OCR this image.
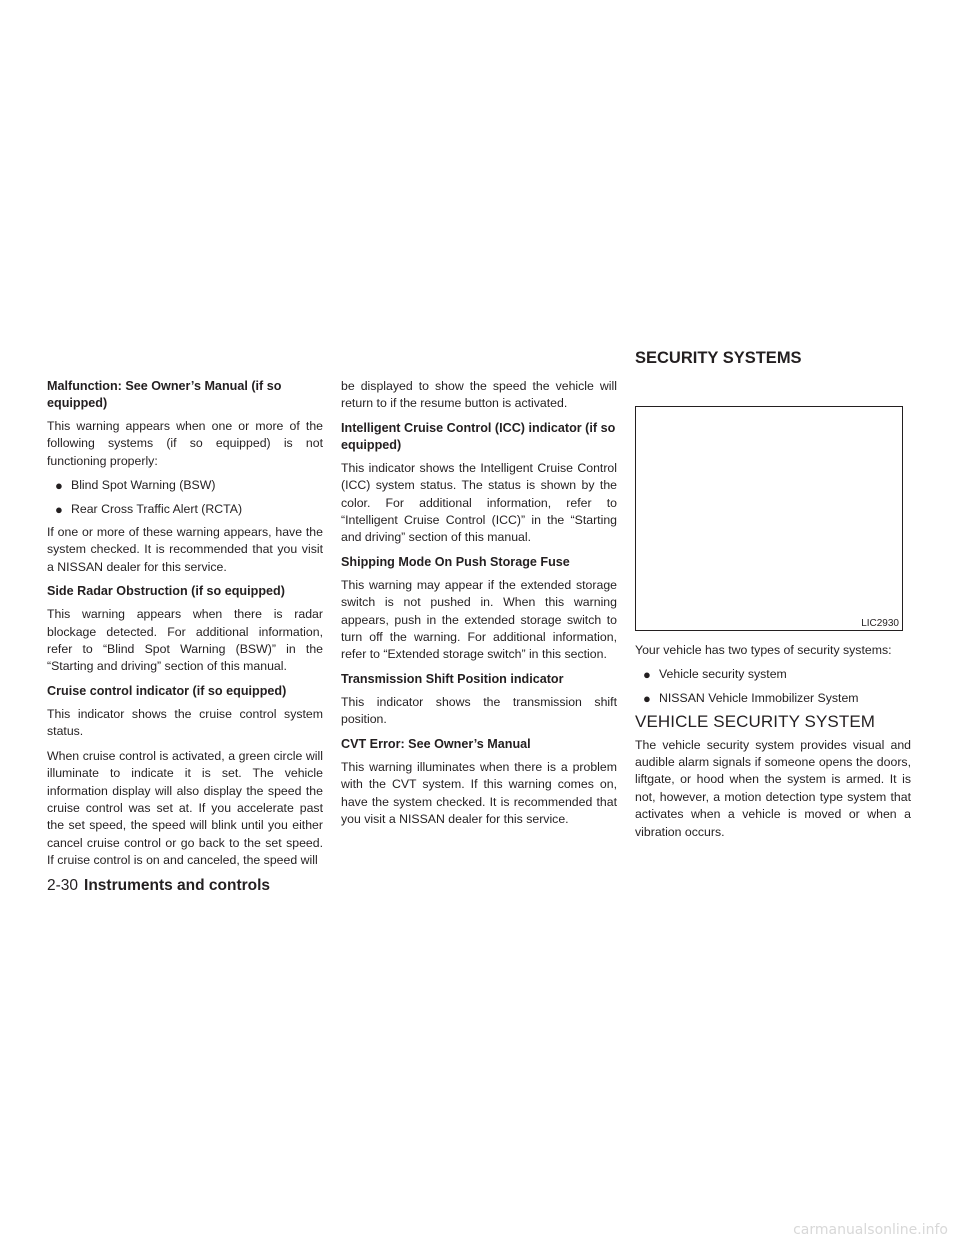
SECURITY SYSTEMS
Malfunction: See Owner’s Manual (if so equipped)

This warning appears when one or more of the following systems (if so equipped) is not functioning properly:

● Blind Spot Warning (BSW)
● Rear Cross Traffic Alert (RCTA)

If one or more of these warning appears, have the system checked. It is recommended that you visit a NISSAN dealer for this service.

Side Radar Obstruction (if so equipped)

This warning appears when there is radar blockage detected. For additional information, refer to “Blind Spot Warning (BSW)” in the “Starting and driving” section of this manual.

Cruise control indicator (if so equipped)

This indicator shows the cruise control system status.

When cruise control is activated, a green circle will illuminate to indicate it is set. The vehicle information display will also display the speed the cruise control was set at. If you accelerate past the set speed, the speed will blink until you either cancel cruise control or go back to the set speed. If cruise control is on and canceled, the speed will

be displayed to show the speed the vehicle will return to if the resume button is activated.

Intelligent Cruise Control (ICC) indicator (if so equipped)

This indicator shows the Intelligent Cruise Control (ICC) system status. The status is shown by the color. For additional information, refer to “Intelligent Cruise Control (ICC)” in the “Starting and driving” section of this manual.

Shipping Mode On Push Storage Fuse

This warning may appear if the extended storage switch is not pushed in. When this warning appears, push in the extended storage switch to turn off the warning. For additional information, refer to “Extended storage switch” in this section.

Transmission Shift Position indicator

This indicator shows the transmission shift position.

CVT Error: See Owner’s Manual

This warning illuminates when there is a problem with the CVT system. If this warning comes on, have the system checked. It is recommended that you visit a NISSAN dealer for this service.

LIC2930

Your vehicle has two types of security systems:

● Vehicle security system
● NISSAN Vehicle Immobilizer System
VEHICLE SECURITY SYSTEM

The vehicle security system provides visual and audible alarm signals if someone opens the doors, liftgate, or hood when the system is armed. It is not, however, a motion detection type system that activates when a vehicle is moved or when a vibration occurs.

2-30 Instruments and controls
carmanualsonline.info
